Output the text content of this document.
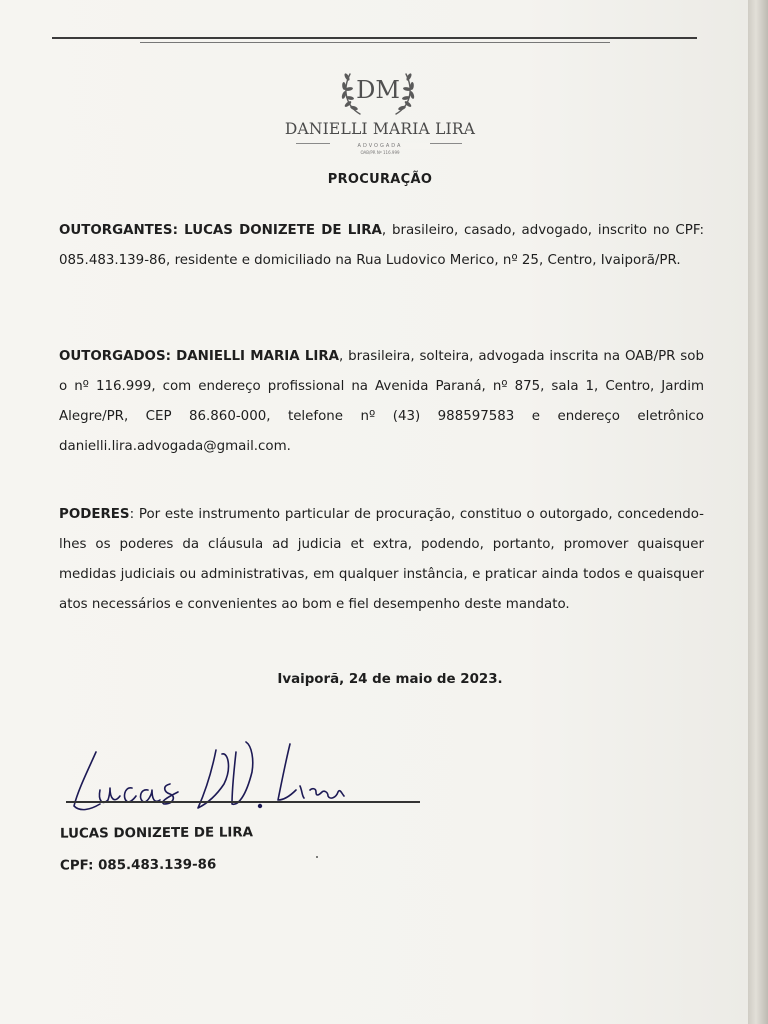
DM
DANIELLI MARIA LIRA
ADVOGADA
OAB/PR Nº 116.999
PROCURAÇÃO
OUTORGANTES: LUCAS DONIZETE DE LIRA, brasileiro, casado, advogado, inscrito no CPF: 085.483.139-86, residente e domiciliado na Rua Ludovico Merico, nº 25, Centro, Ivaiporã/PR.
OUTORGADOS: DANIELLI MARIA LIRA, brasileira, solteira, advogada inscrita na OAB/PR sob o nº 116.999, com endereço profissional na Avenida Paraná, nº 875, sala 1, Centro, Jardim Alegre/PR, CEP 86.860-000, telefone nº (43) 988597583 e endereço eletrônico danielli.lira.advogada@gmail.com.
PODERES: Por este instrumento particular de procuração, constituo o outorgado, concedendo-lhes os poderes da cláusula ad judicia et extra, podendo, portanto, promover quaisquer medidas judiciais ou administrativas, em qualquer instância, e praticar ainda todos e quaisquer atos necessários e convenientes ao bom e fiel desempenho deste mandato.
Ivaiporã, 24 de maio de 2023.
LUCAS DONIZETE DE LIRA
CPF: 085.483.139-86
